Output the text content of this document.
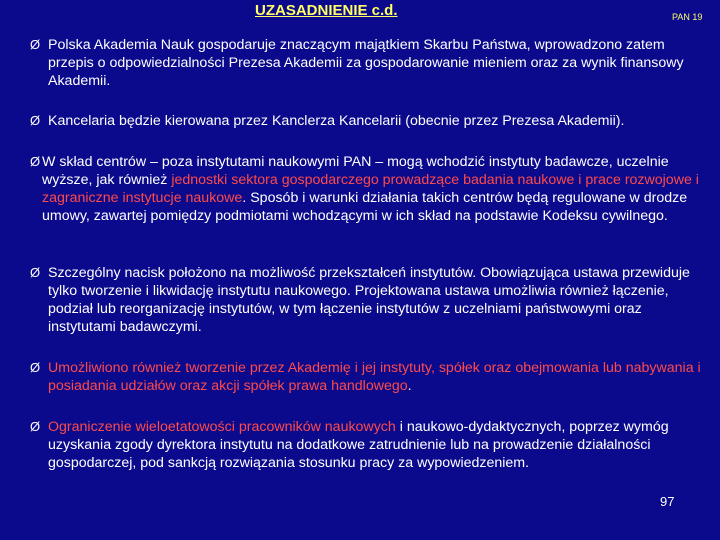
UZASADNIENIE c.d.	PAN 19
Ø Polska Akademia Nauk gospodaruje znaczącym majątkiem Skarbu Państwa, wprowadzono zatem przepis o odpowiedzialności Prezesa Akademii za gospodarowanie mieniem oraz za wynik finansowy Akademii.
Ø Kancelaria będzie kierowana przez Kanclerza Kancelarii (obecnie przez Prezesa Akademii).
Ø W skład centrów – poza instytutami naukowymi PAN – mogą wchodzić instytuty badawcze, uczelnie wyższe, jak również jednostki sektora gospodarczego prowadzące badania naukowe i prace rozwojowe i zagraniczne instytucje naukowe. Sposób i warunki działania takich centrów będą regulowane w drodze umowy, zawartej pomiędzy podmiotami wchodzącymi w ich skład na podstawie Kodeksu cywilnego.
Ø Szczególny nacisk położono na możliwość przekształceń instytutów. Obowiązująca ustawa przewiduje tylko tworzenie i likwidację instytutu naukowego. Projektowana ustawa umożliwia również łączenie, podział lub reorganizację instytutów, w tym łączenie instytutów z uczelniami państwowymi oraz instytutami badawczymi.
Ø Umożliwiono również tworzenie przez Akademię i jej instytuty, spółek oraz obejmowania lub nabywania i posiadania udziałów oraz akcji spółek prawa handlowego.
Ø Ograniczenie wieloetatowości pracowników naukowych i naukowo-dydaktycznych, poprzez wymóg uzyskania zgody dyrektora instytutu na dodatkowe zatrudnienie lub na prowadzenie działalności gospodarczej, pod sankcją rozwiązania stosunku pracy za wypowiedzeniem.
97
